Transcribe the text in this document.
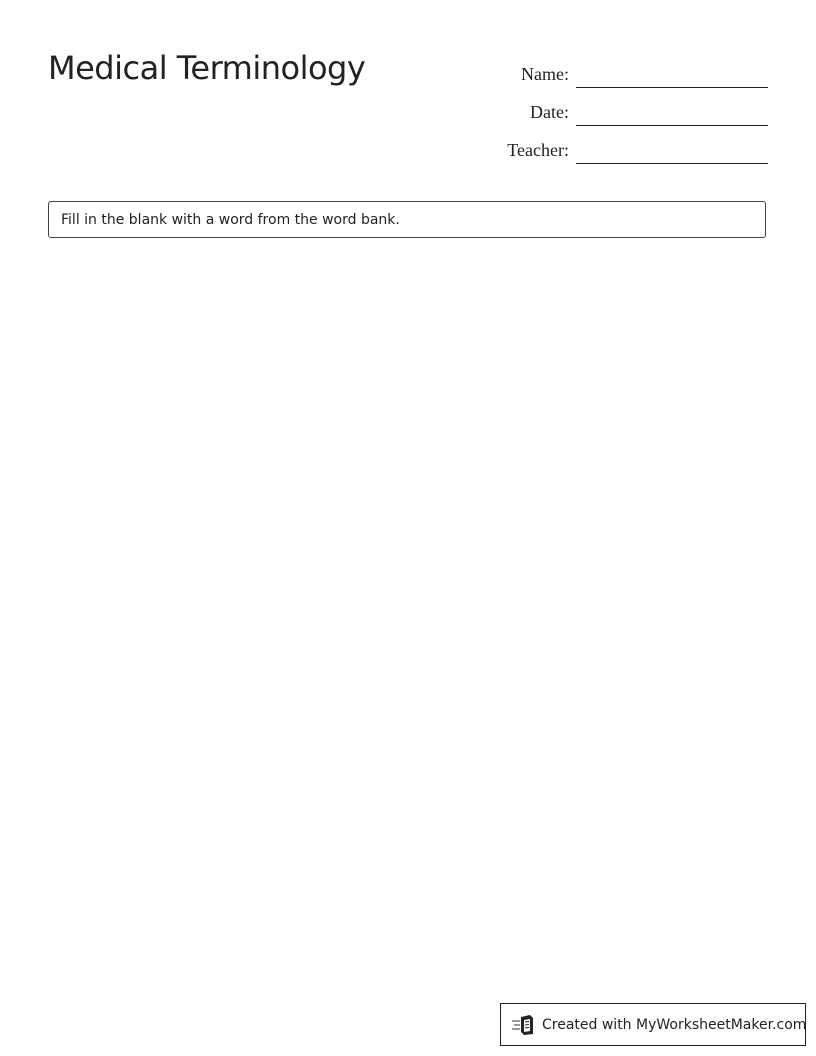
Medical Terminology	Name:
Date:
Teacher:
Fill in the blank with a word from the word bank.
Created with MyWorksheetMaker.com
